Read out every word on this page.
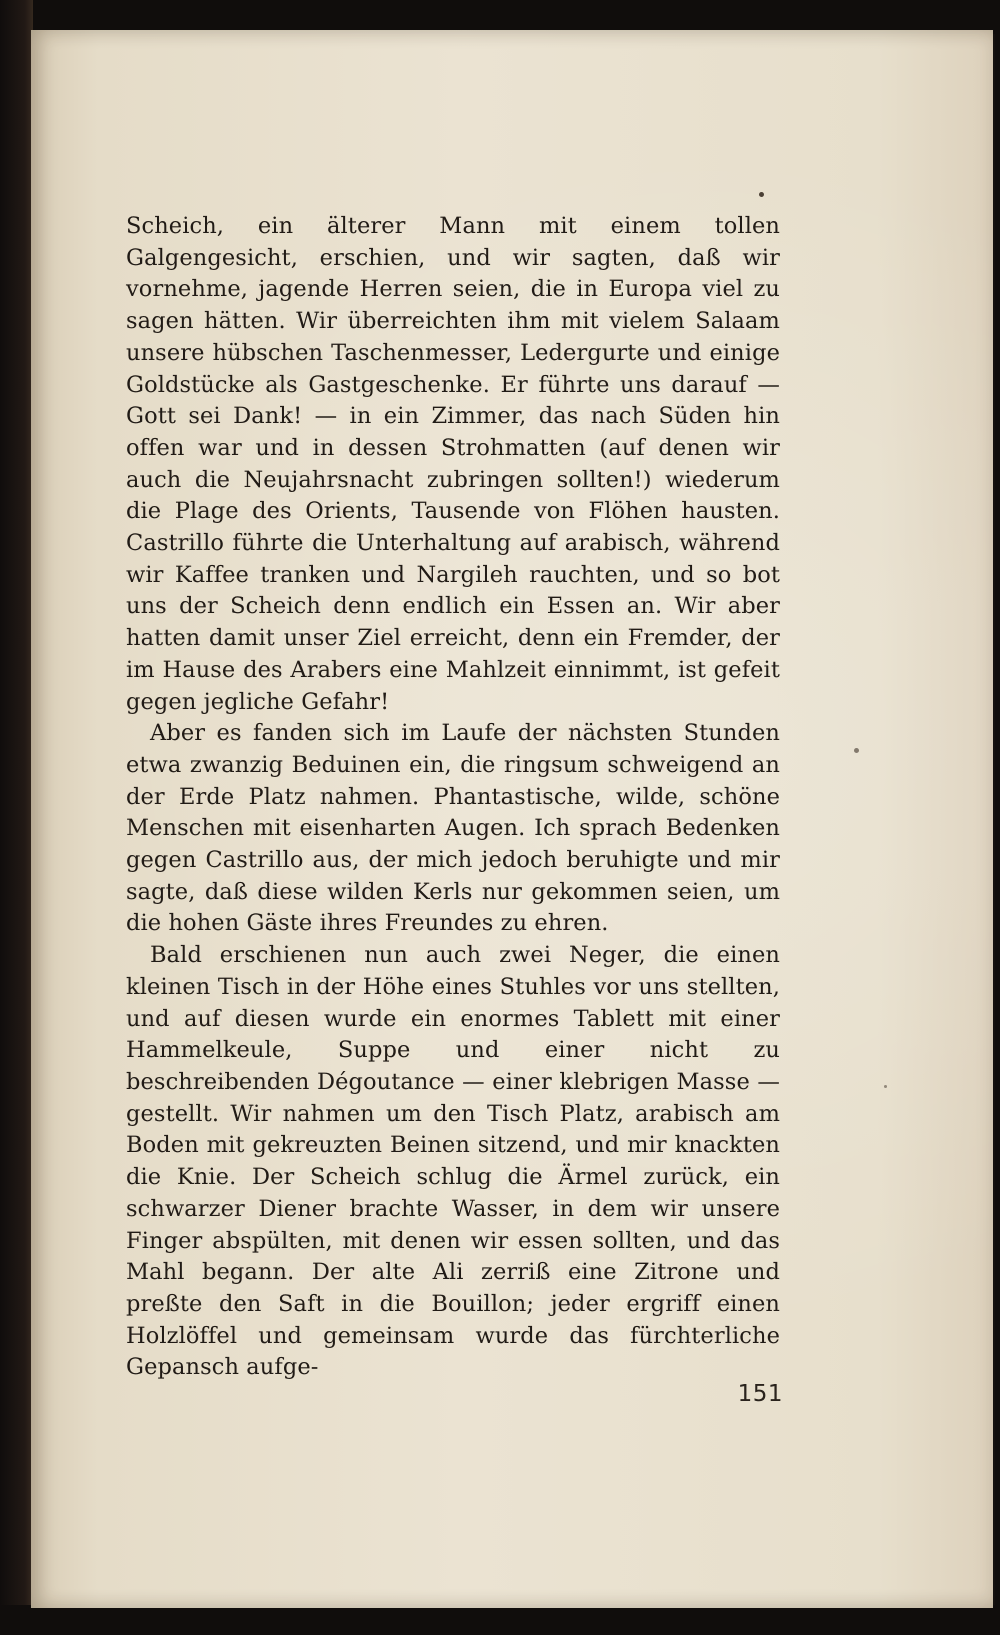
Scheich, ein älterer Mann mit einem tollen Galgengesicht, erschien, und wir sagten, daß wir vornehme, jagende Herren seien, die in Europa viel zu sagen hätten. Wir überreichten ihm mit vielem Salaam unsere hübschen Taschenmesser, Ledergurte und einige Goldstücke als Gastgeschenke. Er führte uns darauf — Gott sei Dank! — in ein Zimmer, das nach Süden hin offen war und in dessen Strohmatten (auf denen wir auch die Neujahrsnacht zubringen sollten!) wiederum die Plage des Orients, Tausende von Flöhen hausten. Castrillo führte die Unterhaltung auf arabisch, während wir Kaffee tranken und Nargileh rauchten, und so bot uns der Scheich denn endlich ein Essen an. Wir aber hatten damit unser Ziel erreicht, denn ein Fremder, der im Hause des Arabers eine Mahlzeit einnimmt, ist gefeit gegen jegliche Gefahr!

Aber es fanden sich im Laufe der nächsten Stunden etwa zwanzig Beduinen ein, die ringsum schweigend an der Erde Platz nahmen. Phantastische, wilde, schöne Menschen mit eisenharten Augen. Ich sprach Bedenken gegen Castrillo aus, der mich jedoch beruhigte und mir sagte, daß diese wilden Kerls nur gekommen seien, um die hohen Gäste ihres Freundes zu ehren.

Bald erschienen nun auch zwei Neger, die einen kleinen Tisch in der Höhe eines Stuhles vor uns stellten, und auf diesen wurde ein enormes Tablett mit einer Hammelkeule, Suppe und einer nicht zu beschreibenden Dégoutance — einer klebrigen Masse — gestellt. Wir nahmen um den Tisch Platz, arabisch am Boden mit gekreuzten Beinen sitzend, und mir knackten die Knie. Der Scheich schlug die Ärmel zurück, ein schwarzer Diener brachte Wasser, in dem wir unsere Finger abspülten, mit denen wir essen sollten, und das Mahl begann. Der alte Ali zerriß eine Zitrone und preßte den Saft in die Bouillon; jeder ergriff einen Holzlöffel und gemeinsam wurde das fürchterliche Gepansch aufge-

151
